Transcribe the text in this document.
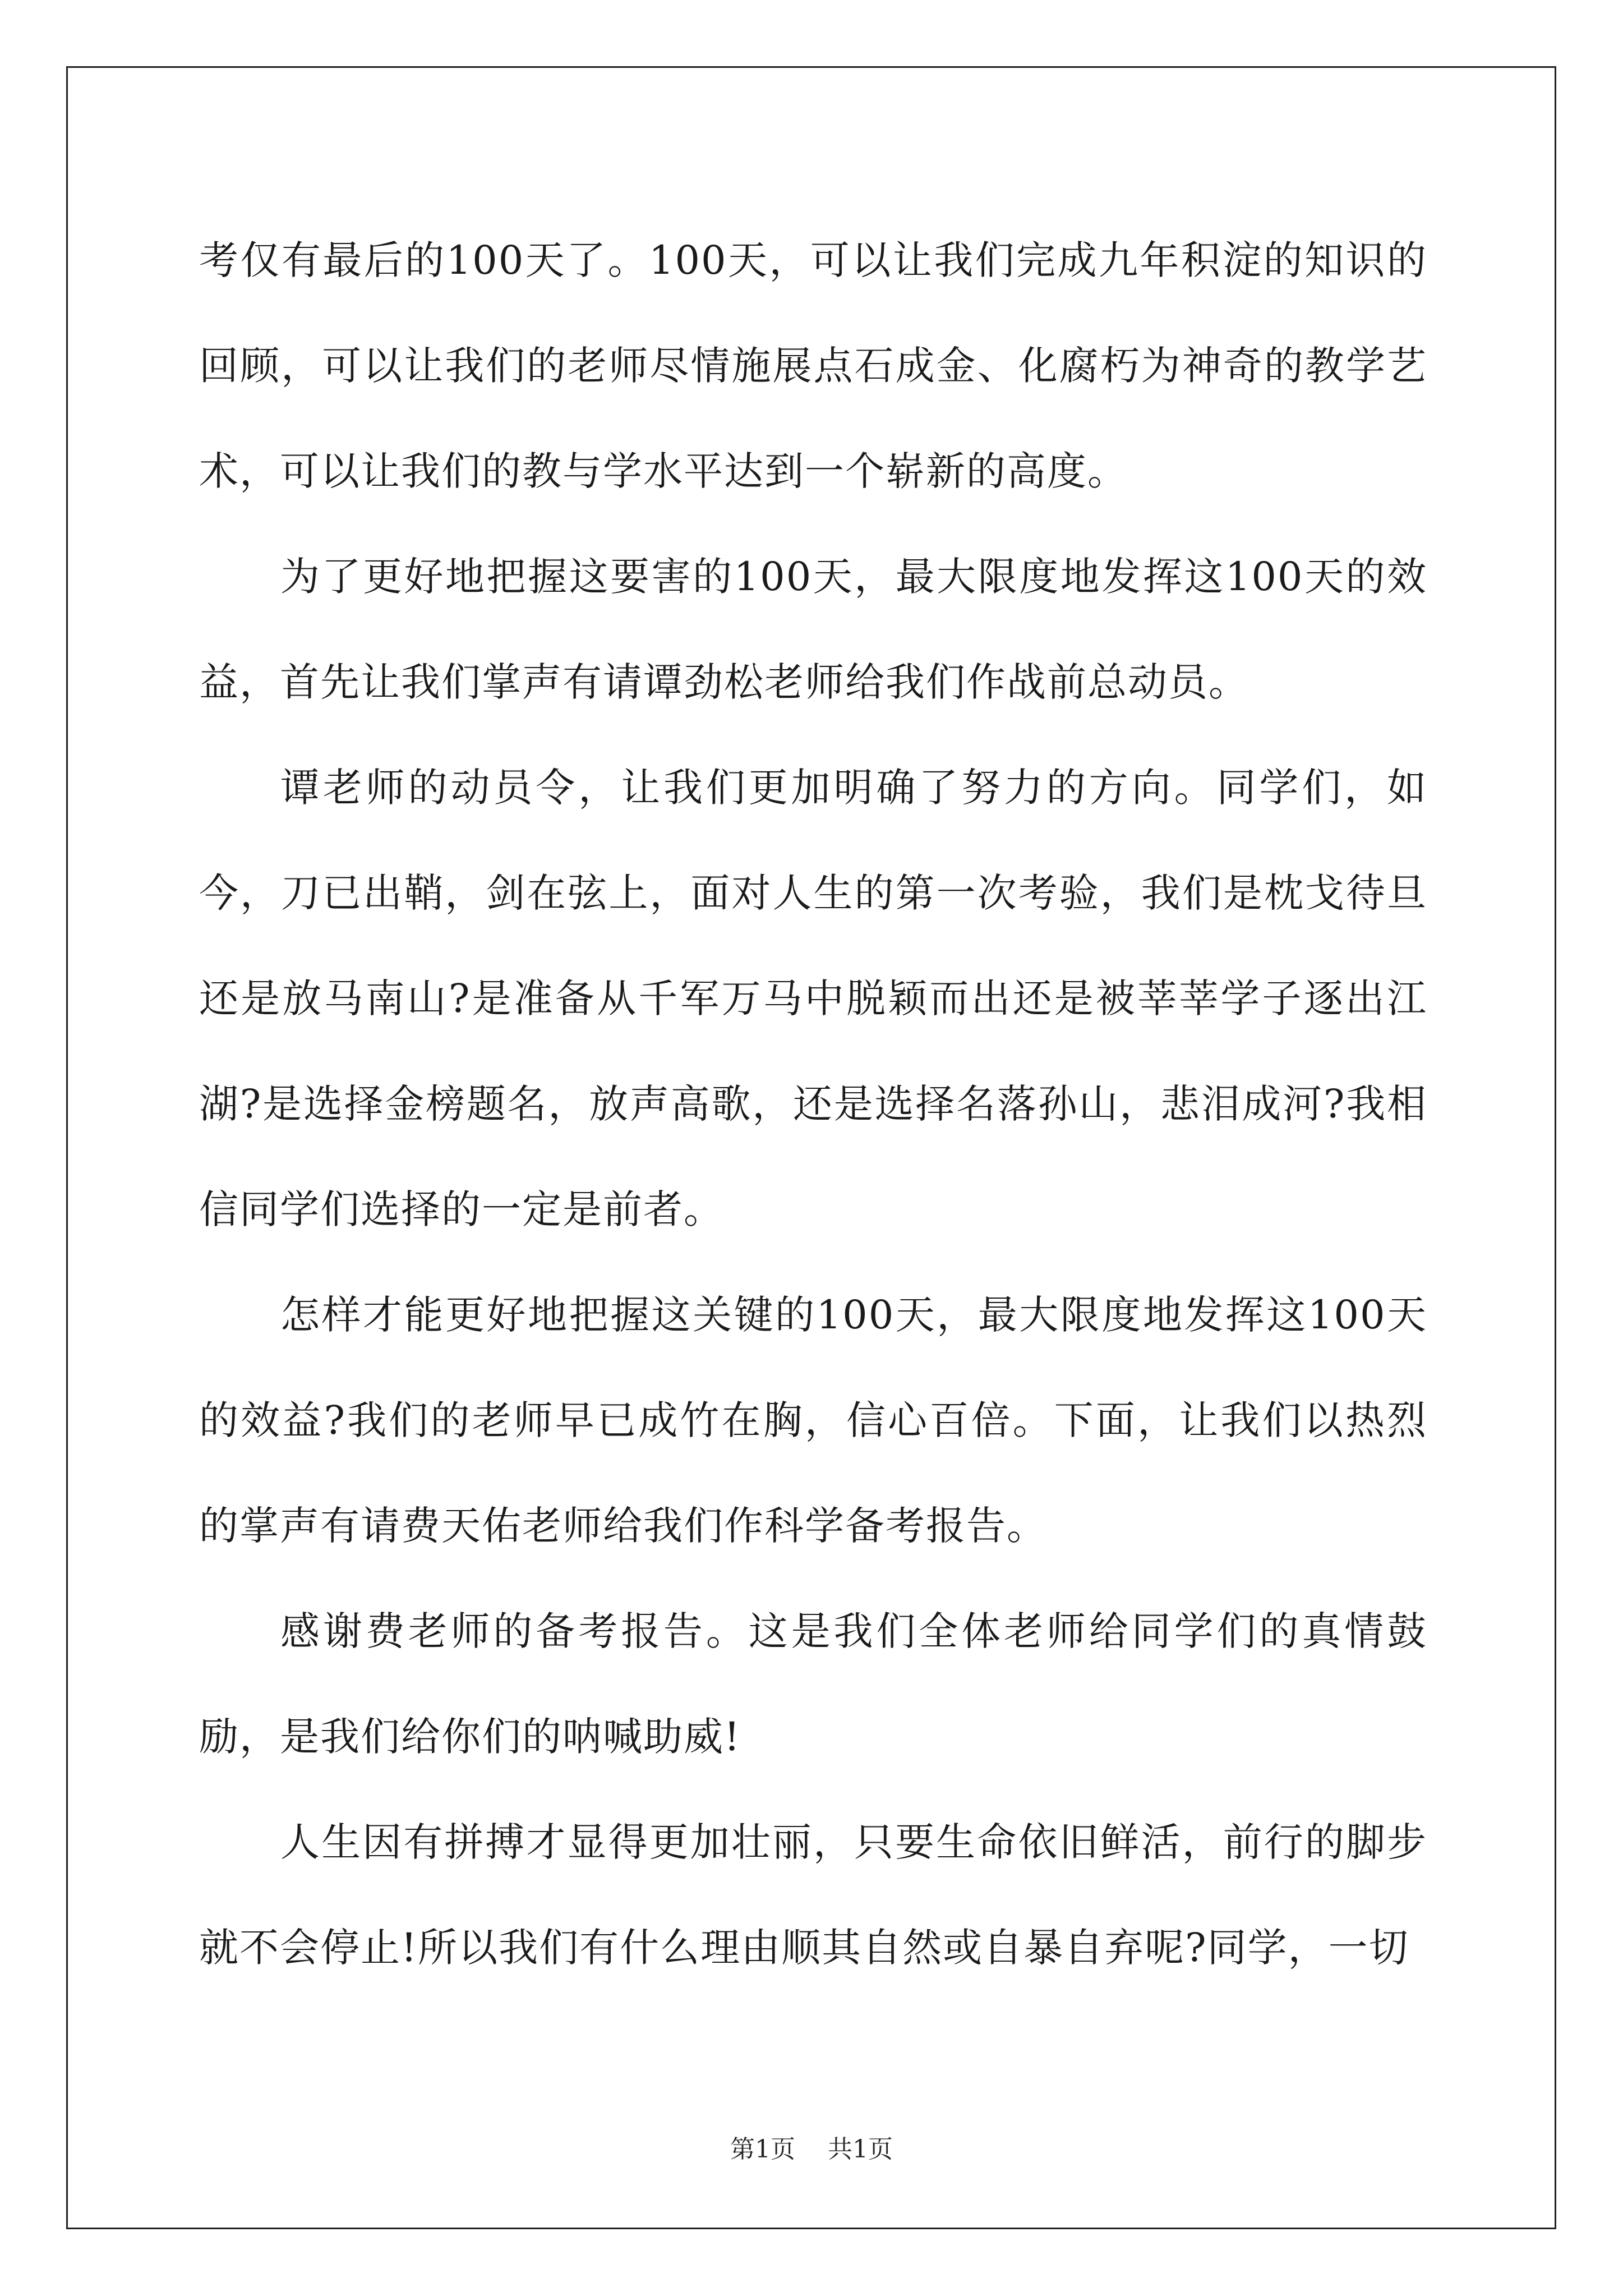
考仅有最后的100天了。100天，可以让我们完成九年积淀的知识的回顾，可以让我们的老师尽情施展点石成金、化腐朽为神奇的教学艺术，可以让我们的教与学水平达到一个崭新的高度。

为了更好地把握这要害的100天，最大限度地发挥这100天的效益，首先让我们掌声有请谭劲松老师给我们作战前总动员。

谭老师的动员令，让我们更加明确了努力的方向。同学们，如今，刀已出鞘，剑在弦上，面对人生的第一次考验，我们是枕戈待旦还是放马南山?是准备从千军万马中脱颖而出还是被莘莘学子逐出江湖?是选择金榜题名，放声高歌，还是选择名落孙山，悲泪成河?我相信同学们选择的一定是前者。

怎样才能更好地把握这关键的100天，最大限度地发挥这100天的效益?我们的老师早已成竹在胸，信心百倍。下面，让我们以热烈的掌声有请费天佑老师给我们作科学备考报告。

感谢费老师的备考报告。这是我们全体老师给同学们的真情鼓励，是我们给你们的呐喊助威!

人生因有拼搏才显得更加壮丽，只要生命依旧鲜活，前行的脚步就不会停止!所以我们有什么理由顺其自然或自暴自弃呢?同学，一切

第1页 共1页
